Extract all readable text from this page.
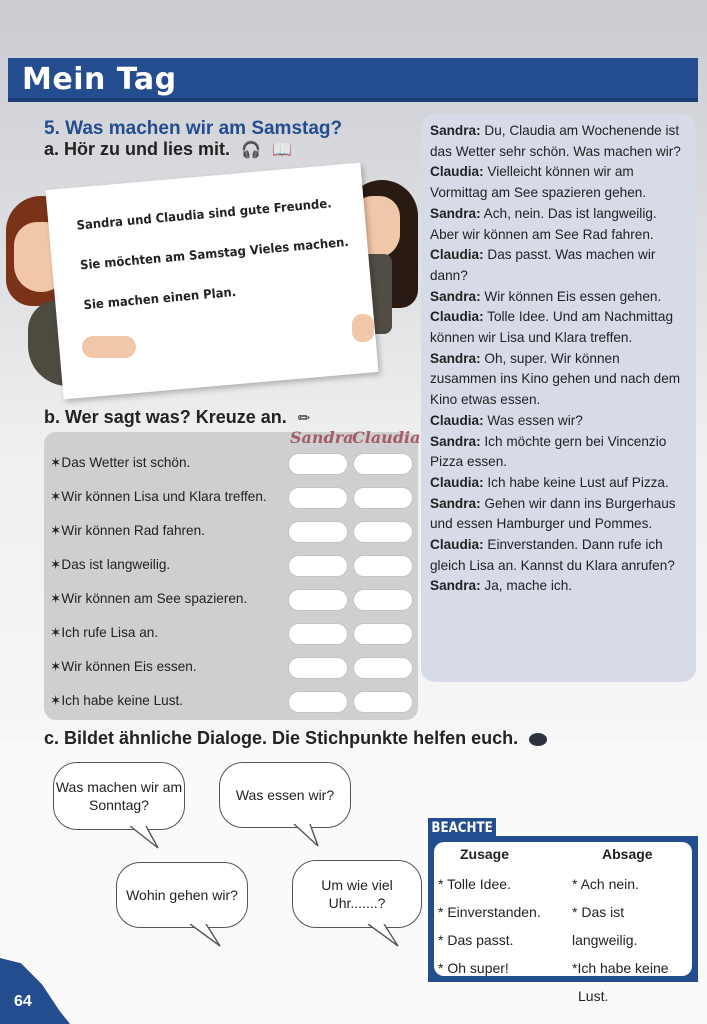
Mein Tag
5. Was machen wir am Samstag?
a. Hör zu und lies mit. 🎧 📖

Sandra und Claudia sind gute Freunde.

Sie möchten am Samstag Vieles machen.

Sie machen einen Plan.

Sandra: Du, Claudia am Wochenende ist das Wetter sehr schön. Was machen wir?
Claudia: Vielleicht können wir am Vormittag am See spazieren gehen.
Sandra: Ach, nein. Das ist langweilig. Aber wir können am See Rad fahren.
Claudia: Das passt. Was machen wir dann?
Sandra: Wir können Eis essen gehen.
Claudia: Tolle Idee. Und am Nachmittag können wir Lisa und Klara treffen.
Sandra: Oh, super. Wir können zusammen ins Kino gehen und nach dem Kino etwas essen.
Claudia: Was essen wir?
Sandra: Ich möchte gern bei Vincenzio Pizza essen.
Claudia: Ich habe keine Lust auf Pizza.
Sandra: Gehen wir dann ins Burgerhaus und essen Hamburger und Pommes.
Claudia: Einverstanden. Dann rufe ich gleich Lisa an. Kannst du Klara anrufen?
Sandra: Ja, mache ich.
b. Wer sagt was? Kreuze an. ✏
Sandra
Claudia
✶Das Wetter ist schön.
✶Wir können Lisa und Klara treffen.
✶Wir können Rad fahren.
✶Das ist langweilig.
✶Wir können am See spazieren.
✶Ich rufe Lisa an.
✶Wir können Eis essen.
✶Ich habe keine Lust.
c. Bildet ähnliche Dialoge. Die Stichpunkte helfen euch.
Was machen wir am Sonntag?
Was essen wir?
Wohin gehen wir?
Um wie viel Uhr.......?
BEACHTE
Zusage
* Tolle Idee.
* Einverstanden.
* Das passt.
* Oh super!
Absage
* Ach nein.
* Das ist langweilig.
*Ich habe keine
Lust.
64
